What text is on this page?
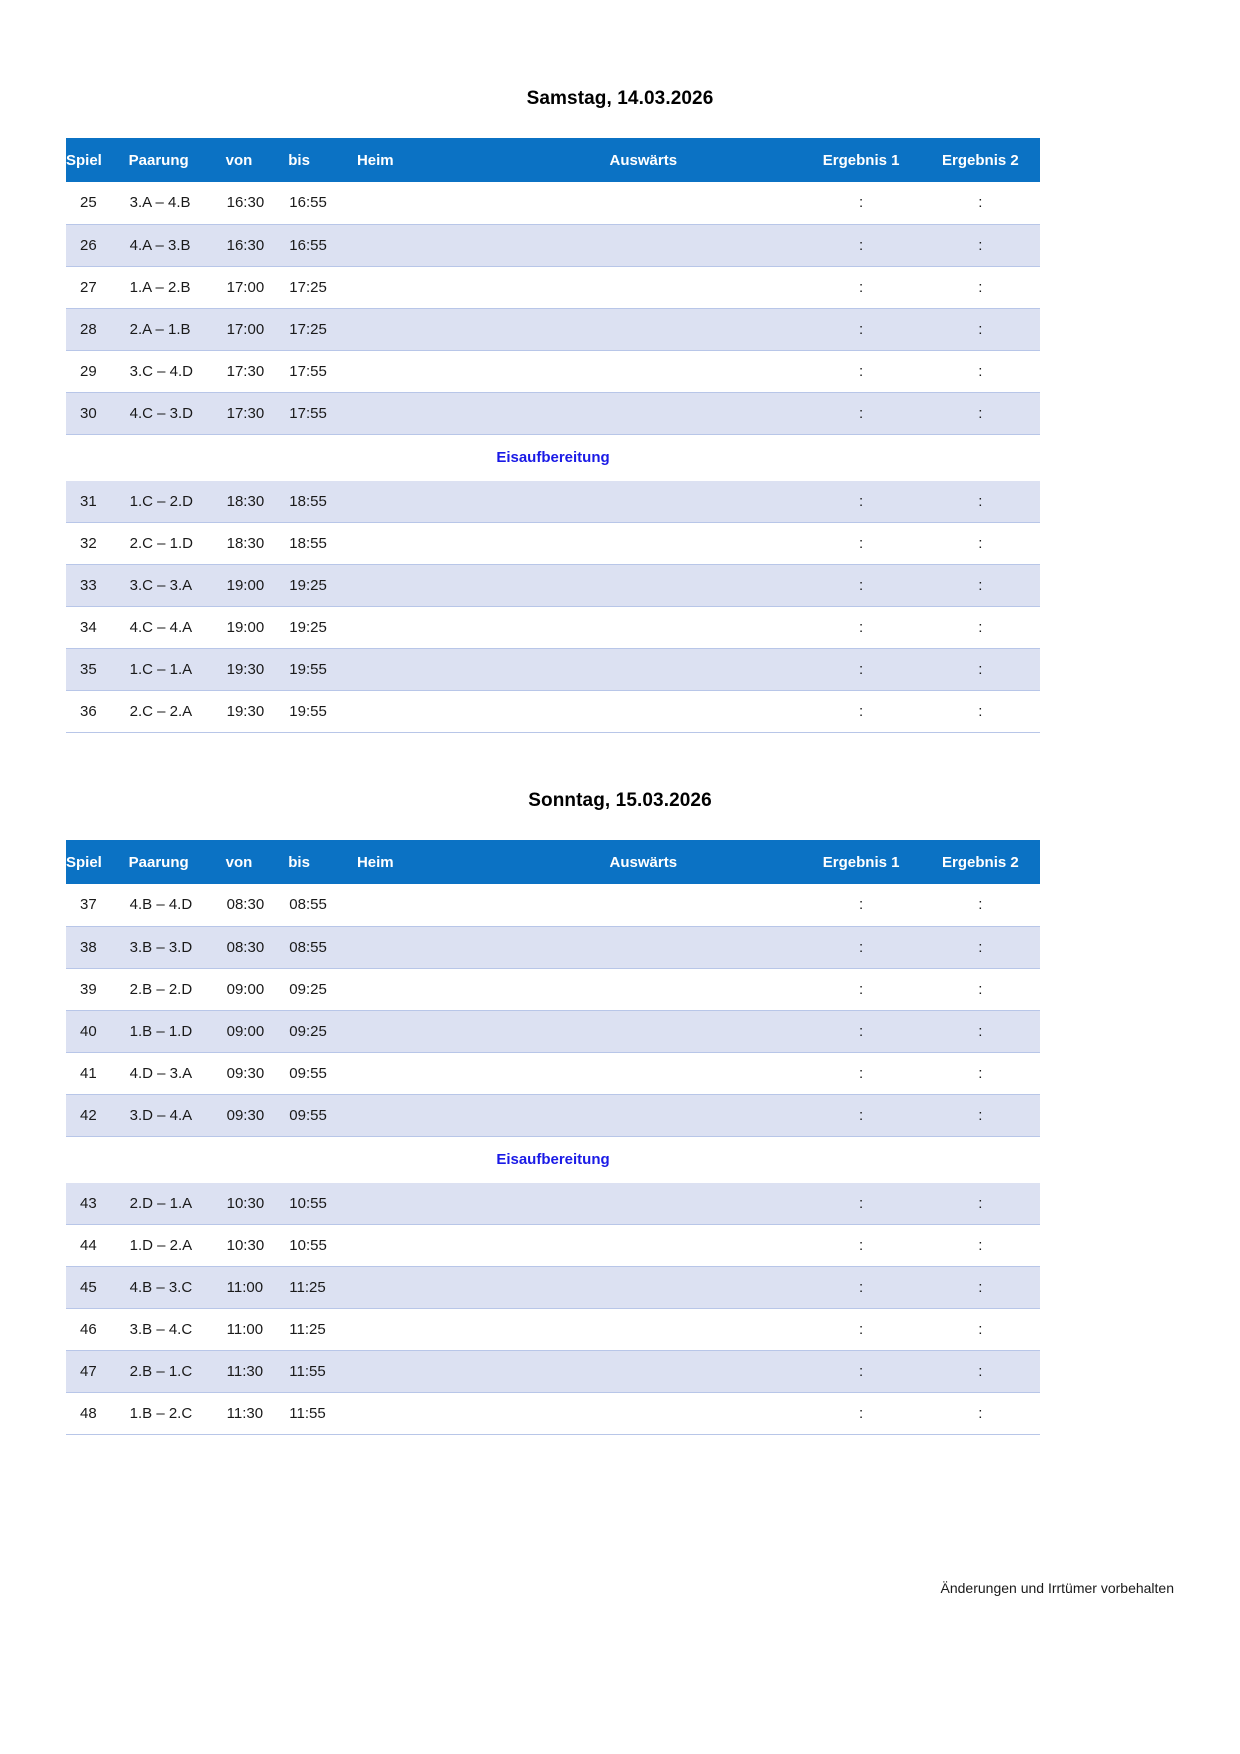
Samstag, 14.03.2026
Spiel	Paarung	von	bis	Heim	Auswärts	Ergebnis 1	Ergebnis 2
25	3.A – 4.B	16:30	16:55			:	:
26	4.A – 3.B	16:30	16:55			:	:
27	1.A – 2.B	17:00	17:25			:	:
28	2.A – 1.B	17:00	17:25			:	:
29	3.C – 4.D	17:30	17:55			:	:
30	4.C – 3.D	17:30	17:55			:	:
Eisaufbereitung							
31	1.C – 2.D	18:30	18:55			:	:
32	2.C – 1.D	18:30	18:55			:	:
33	3.C – 3.A	19:00	19:25			:	:
34	4.C – 4.A	19:00	19:25			:	:
35	1.C – 1.A	19:30	19:55			:	:
36	2.C – 2.A	19:30	19:55			:	:
Sonntag, 15.03.2026
Spiel	Paarung	von	bis	Heim	Auswärts	Ergebnis 1	Ergebnis 2
37	4.B – 4.D	08:30	08:55			:	:
38	3.B – 3.D	08:30	08:55			:	:
39	2.B – 2.D	09:00	09:25			:	:
40	1.B – 1.D	09:00	09:25			:	:
41	4.D – 3.A	09:30	09:55			:	:
42	3.D – 4.A	09:30	09:55			:	:
Eisaufbereitung							
43	2.D – 1.A	10:30	10:55			:	:
44	1.D – 2.A	10:30	10:55			:	:
45	4.B – 3.C	11:00	11:25			:	:
46	3.B – 4.C	11:00	11:25			:	:
47	2.B – 1.C	11:30	11:55			:	:
48	1.B – 2.C	11:30	11:55			:	:
Änderungen und Irrtümer vorbehalten
